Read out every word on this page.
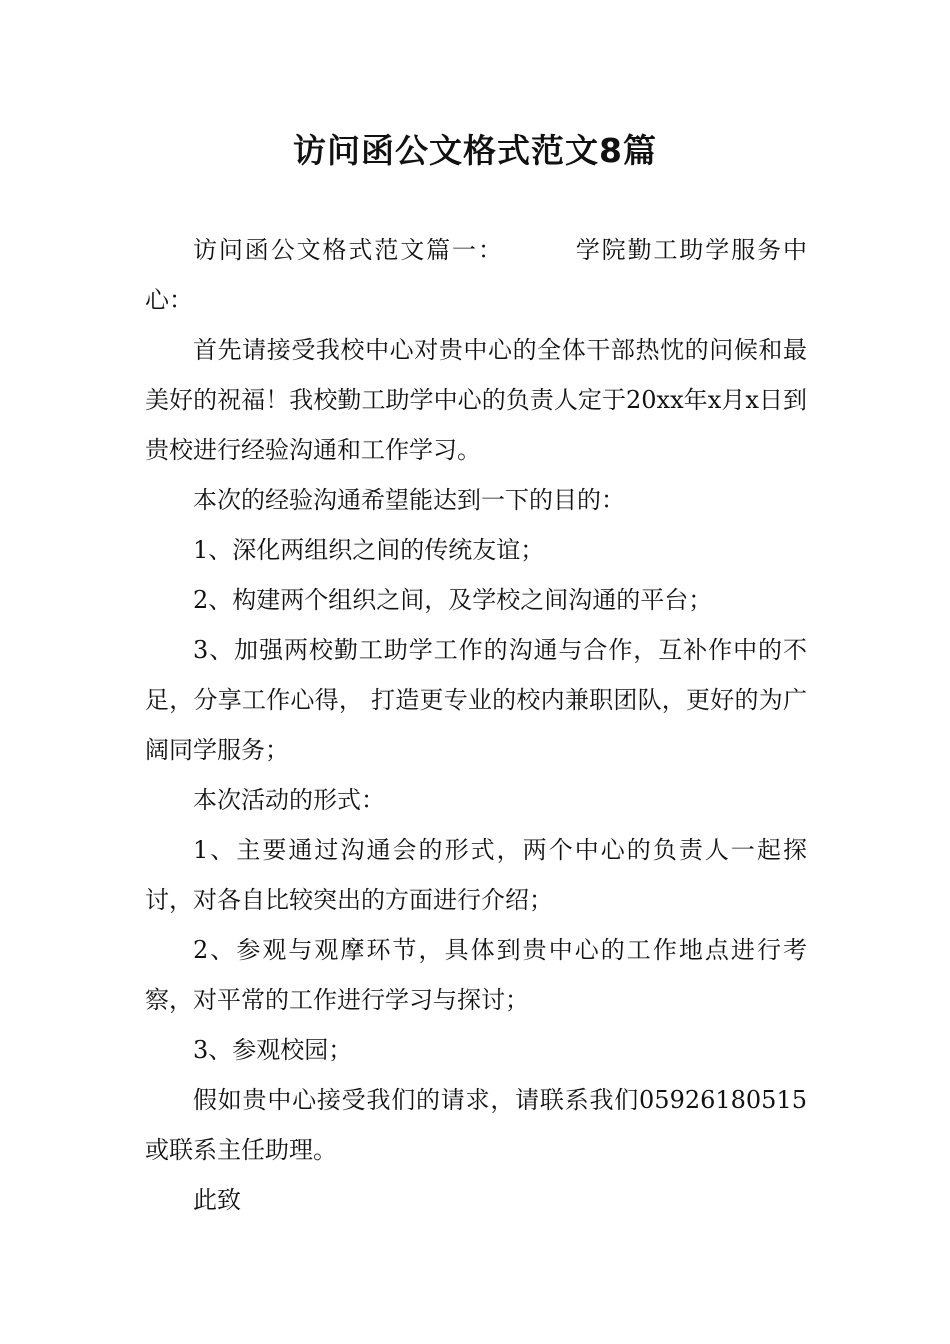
访问函公文格式范文8篇

访问函公文格式范文篇一：	学院勤工助学服务中心：

首先请接受我校中心对贵中心的全体干部热忱的问候和最美好的祝福！我校勤工助学中心的负责人定于20xx年x月x日到贵校进行经验沟通和工作学习。

本次的经验沟通希望能达到一下的目的：

1、深化两组织之间的传统友谊；

2、构建两个组织之间，及学校之间沟通的平台；

3、加强两校勤工助学工作的沟通与合作，互补作中的不足，分享工作心得， 打造更专业的校内兼职团队，更好的为广阔同学服务；

本次活动的形式：

1、主要通过沟通会的形式，两个中心的负责人一起探讨，对各自比较突出的方面进行介绍；

2、参观与观摩环节，具体到贵中心的工作地点进行考察，对平常的工作进行学习与探讨；

3、参观校园；

假如贵中心接受我们的请求，请联系我们05926180515或联系主任助理。

此致
